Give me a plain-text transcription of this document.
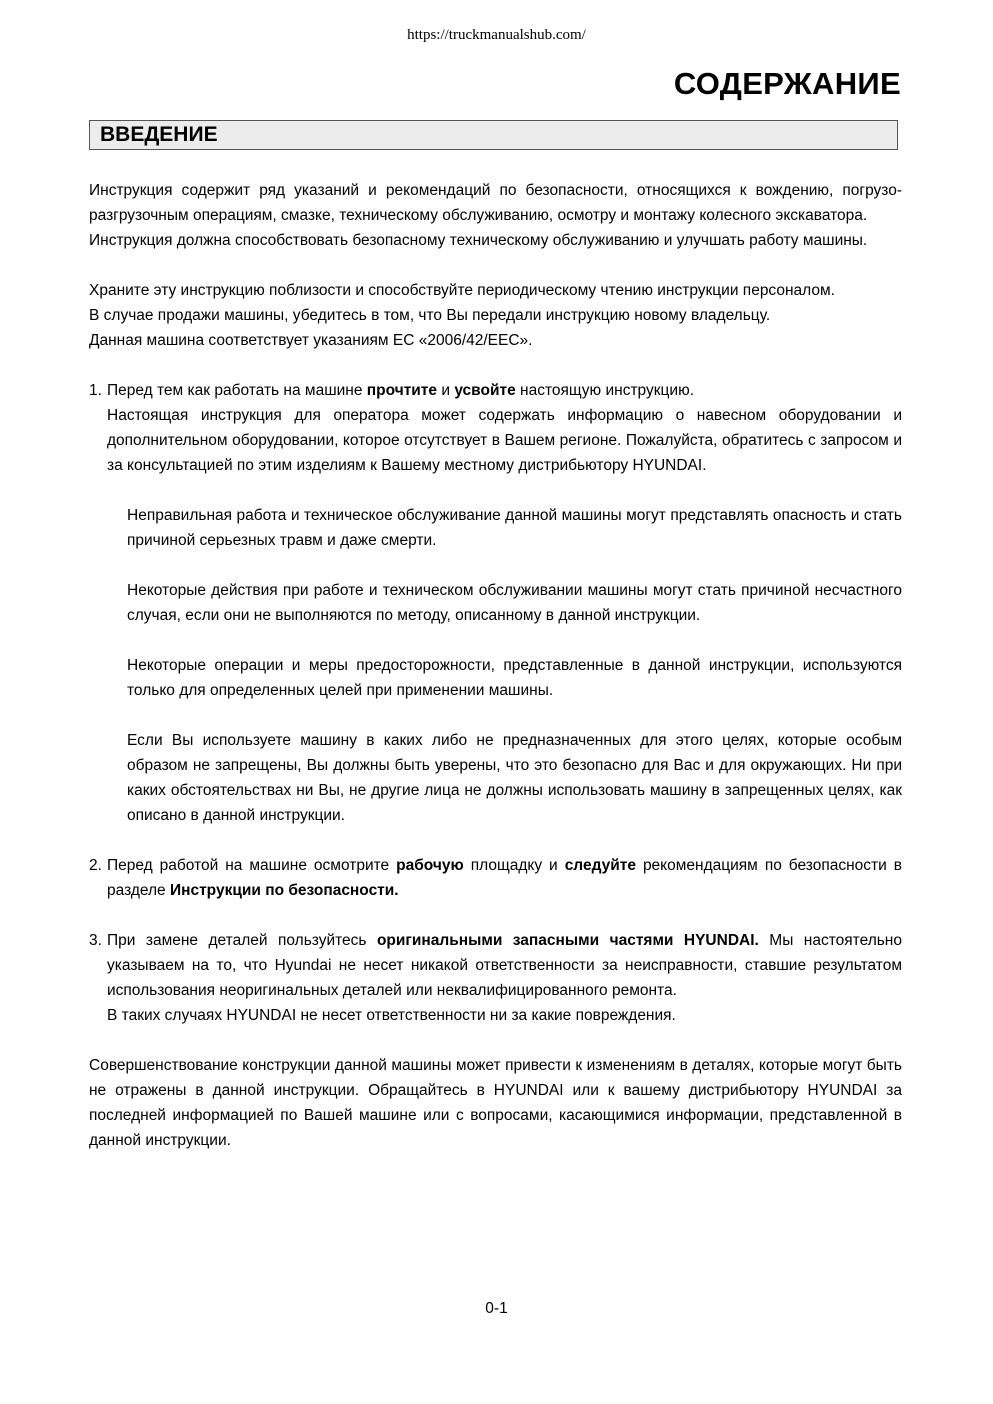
https://truckmanualshub.com/
СОДЕРЖАНИЕ
ВВЕДЕНИЕ

Инструкция содержит ряд указаний и рекомендаций по безопасности, относящихся к вождению, погрузо-разгрузочным операциям, смазке, техническому обслуживанию, осмотру и монтажу колесного экскаватора.

Инструкция должна способствовать безопасному техническому обслуживанию и улучшать работу машины.

Храните эту инструкцию поблизости и способствуйте периодическому чтению инструкции персоналом.

В случае продажи машины, убедитесь в том, что Вы передали инструкцию новому владельцу.

Данная машина соответствует указаниям ЕС «2006/42/EEC».

1. Перед тем как работать на машине прочтите и усвойте настоящую инструкцию.

Настоящая инструкция для оператора может содержать информацию о навесном оборудовании и дополнительном оборудовании, которое отсутствует в Вашем регионе. Пожалуйста, обратитесь с запросом и за консультацией по этим изделиям к Вашему местному дистрибьютору HYUNDAI.

Неправильная работа и техническое обслуживание данной машины могут представлять опасность и стать причиной серьезных травм и даже смерти.

Некоторые действия при работе и техническом обслуживании машины могут стать причиной несчастного случая, если они не выполняются по методу, описанному в данной инструкции.

Некоторые операции и меры предосторожности, представленные в данной инструкции, используются только для определенных целей при применении машины.

Если Вы используете машину в каких либо не предназначенных для этого целях, которые особым образом не запрещены, Вы должны быть уверены, что это безопасно для Вас и для окружающих. Ни при каких обстоятельствах ни Вы, не другие лица не должны использовать машину в запрещенных целях, как описано в данной инструкции.

2. Перед работой на машине осмотрите рабочую площадку и следуйте рекомендациям по безопасности в разделе Инструкции по безопасности.

3. При замене деталей пользуйтесь оригинальными запасными частями HYUNDAI. Мы настоятельно указываем на то, что Hyundai не несет никакой ответственности за неисправности, ставшие результатом использования неоригинальных деталей или неквалифицированного ремонта.

В таких случаях HYUNDAI не несет ответственности ни за какие повреждения.

Совершенствование конструкции данной машины может привести к изменениям в деталях, которые могут быть не отражены в данной инструкции. Обращайтесь в HYUNDAI или к вашему дистрибьютору HYUNDAI за последней информацией по Вашей машине или с вопросами, касающимися информации, представленной в данной инструкции.

0-1
